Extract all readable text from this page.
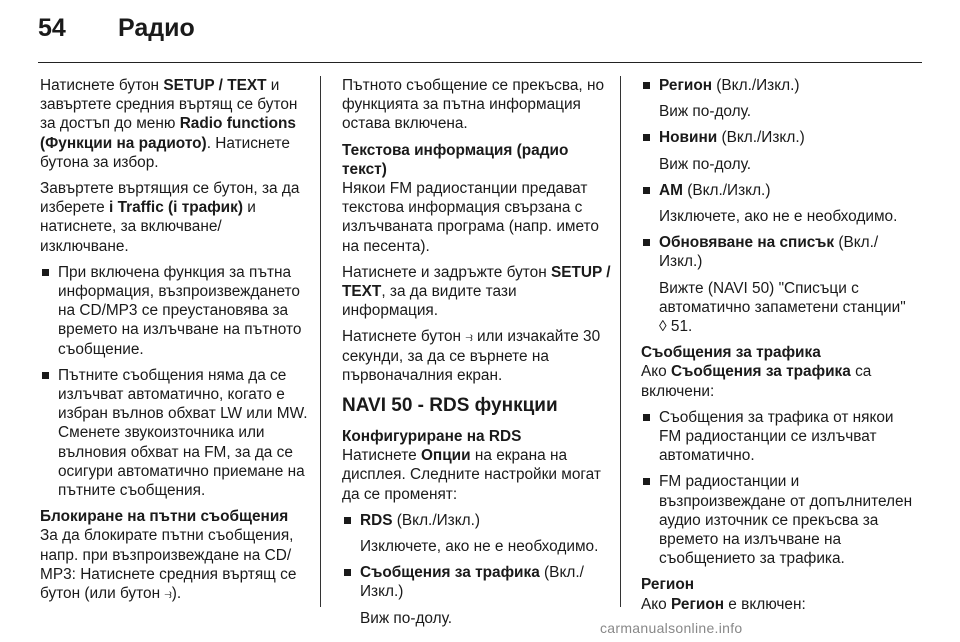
54 Радио

Натиснете бутон SETUP / TEXT и завъртете средния въртящ се бутон за достъп до меню Radio functions (Функции на радиото). Натиснете бутона за избор.

Завъртете въртящия се бутон, за да изберете i Traffic (i трафик) и натиснете, за включване/ изключване.

При включена функция за пътна информация, възпроизвеждането на CD/MP3 се преустановява за времето на излъчване на пътното съобщение.
Пътните съобщения няма да се излъчват автоматично, когато е избран вълнов обхват LW или MW. Сменете звукоизточника или вълновия обхват на FM, за да се осигури автоматично приемане на пътните съобщения.

Блокиране на пътни съобщения

За да блокирате пътни съобщения, напр. при възпроизвеждане на CD/ MP3: Натиснете средния въртящ се бутон (или бутон ⥽).

Пътното съобщение се прекъсва, но функцията за пътна информация остава включена.

Текстова информация (радио текст)

Някои FM радиостанции предават текстова информация свързана с излъчваната програма (напр. името на песента).

Натиснете и задръжте бутон SETUP / TEXT, за да видите тази информация.

Натиснете бутон ⥽ или изчакайте 30 секунди, за да се върнете на първоначалния екран.

NAVI 50 - RDS функции

Конфигуриране на RDS

Натиснете Опции на екрана на дисплея. Следните настройки могат да се променят:

RDS (Вкл./Изкл.)
Изключете, ако не е необходимо.
Съобщения за трафика (Вкл./ Изкл.)
Виж по-долу.
Регион (Вкл./Изкл.)
Виж по-долу.
Новини (Вкл./Изкл.)
Виж по-долу.
AM (Вкл./Изкл.)
Изключете, ако не е необходимо.
Обновяване на списък (Вкл./ Изкл.)
Вижте (NAVI 50) "Списъци с автоматично запаметени станции" ◊ 51.

Съобщения за трафика

Ако Съобщения за трафика са включени:

Съобщения за трафика от някои FM радиостанции се излъчват автоматично.
FM радиостанции и възпроизвеждане от допълнителен аудио източник се прекъсва за времето на излъчване на съобщението за трафика.

Регион

Ако Регион е включен:

carmanualsonline.info
